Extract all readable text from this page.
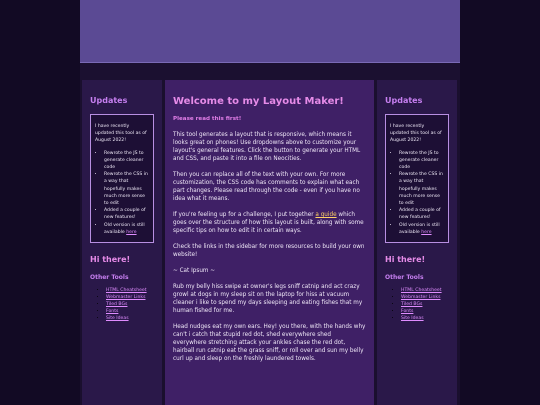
Updates

I have recently updated this tool as of August 2022!

• Rewrote the JS to generate cleaner code
• Rewrote the CSS in a way that hopefully makes much more sense to edit
• Added a couple of new features!
• Old version is still available here
Hi there!
Other Tools
• HTML Cheatsheet
• Webmaster Links
• Tiled BGs
• Fonts
• Site Ideas
Welcome to my Layout Maker!
Please read this first!

This tool generates a layout that is responsive, which means it looks great on phones! Use dropdowns above to customize your layout's general features. Click the button to generate your HTML and CSS, and paste it into a file on Neocities.

Then you can replace all of the text with your own. For more customization, the CSS code has comments to explain what each part changes. Please read through the code - even if you have no idea what it means.

If you're feeling up for a challenge, I put together a guide which goes over the structure of how this layout is built, along with some specific tips on how to edit it in certain ways.

Check the links in the sidebar for more resources to build your own website!

~ Cat Ipsum ~

Rub my belly hiss swipe at owner's legs sniff catnip and act crazy growl at dogs in my sleep sit on the laptop for hiss at vacuum cleaner i like to spend my days sleeping and eating fishes that my human fished for me.

Head nudges eat my own ears. Hey! you there, with the hands why can't i catch that stupid red dot, shed everywhere shed everywhere stretching attack your ankles chase the red dot, hairball run catnip eat the grass sniff, or roll over and sun my belly curl up and sleep on the freshly laundered towels.

Updates

I have recently updated this tool as of August 2022!

• Rewrote the JS to generate cleaner code
• Rewrote the CSS in a way that hopefully makes much more sense to edit
• Added a couple of new features!
• Old version is still available here
Hi there!
Other Tools
• HTML Cheatsheet
• Webmaster Links
• Tiled BGs
• Fonts
• Site Ideas
